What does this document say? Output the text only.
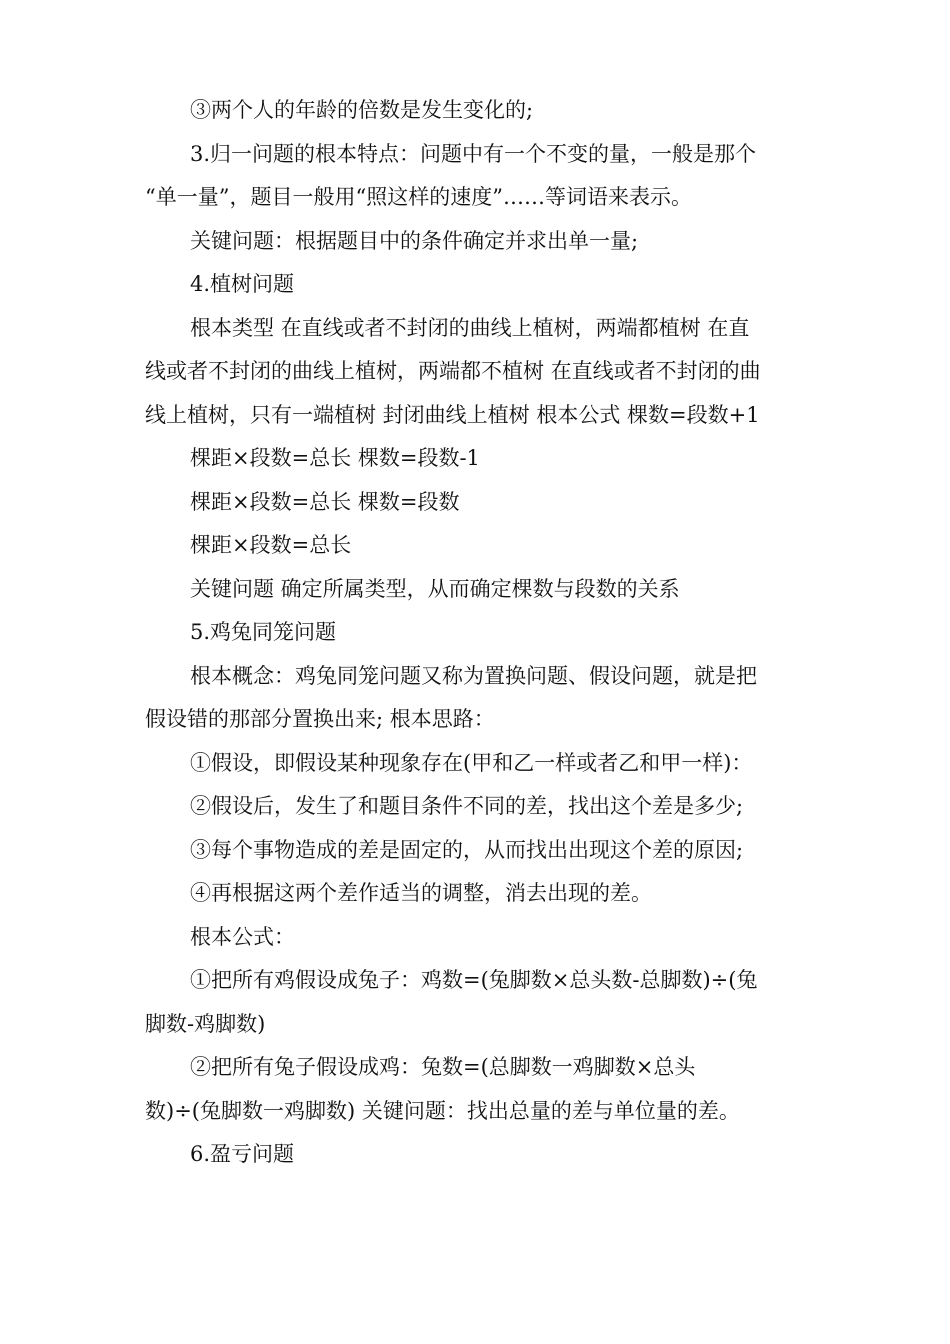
③两个人的年龄的倍数是发生变化的;
3.归一问题的根本特点：问题中有一个不变的量，一般是那个
“单一量”，题目一般用“照这样的速度”……等词语来表示。
关键问题：根据题目中的条件确定并求出单一量;
4.植树问题
根本类型 在直线或者不封闭的曲线上植树，两端都植树 在直
线或者不封闭的曲线上植树，两端都不植树 在直线或者不封闭的曲
线上植树，只有一端植树 封闭曲线上植树 根本公式 棵数=段数+1
棵距×段数=总长 棵数=段数-1
棵距×段数=总长 棵数=段数
棵距×段数=总长
关键问题 确定所属类型，从而确定棵数与段数的关系
5.鸡兔同笼问题
根本概念：鸡兔同笼问题又称为置换问题、假设问题，就是把
假设错的那部分置换出来; 根本思路：
①假设，即假设某种现象存在(甲和乙一样或者乙和甲一样)：
②假设后，发生了和题目条件不同的差，找出这个差是多少;
③每个事物造成的差是固定的，从而找出出现这个差的原因;
④再根据这两个差作适当的调整，消去出现的差。
根本公式：
①把所有鸡假设成兔子：鸡数=(兔脚数×总头数-总脚数)÷(兔
脚数-鸡脚数)
②把所有兔子假设成鸡：兔数=(总脚数一鸡脚数×总头
数)÷(兔脚数一鸡脚数) 关键问题：找出总量的差与单位量的差。
6.盈亏问题
